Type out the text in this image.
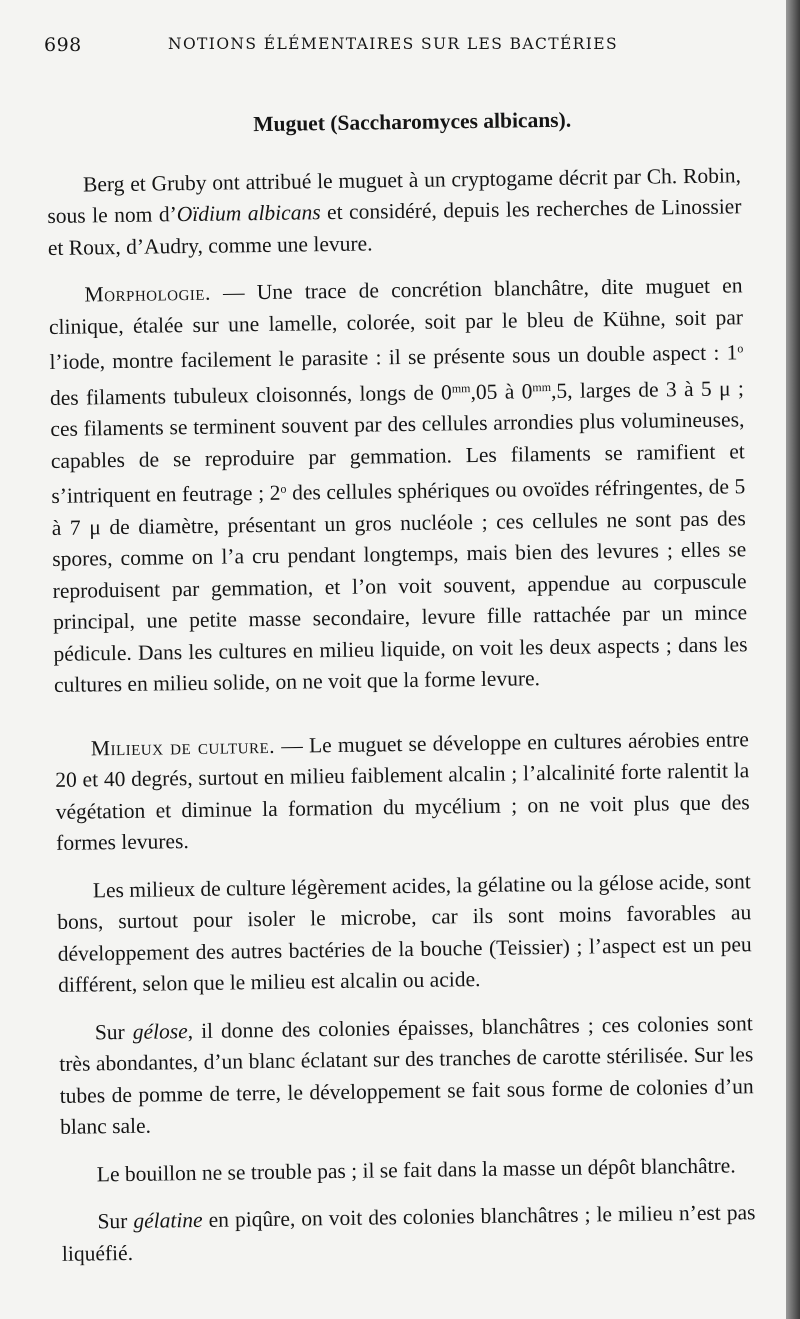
698	NOTIONS ÉLÉMENTAIRES SUR LES BACTÉRIES
Muguet (Saccharomyces albicans).

Berg et Gruby ont attribué le muguet à un cryptogame décrit par Ch. Robin, sous le nom d’Oïdium albicans et considéré, depuis les recherches de Linossier et Roux, d’Audry, comme une levure.

Morphologie. — Une trace de concrétion blanchâtre, dite muguet en clinique, étalée sur une lamelle, colorée, soit par le bleu de Kühne, soit par l’iode, montre facilement le parasite : il se présente sous un double aspect : 1$^o$ des filaments tubuleux cloisonnés, longs de $0^{mm},05$ à $0^{mm},5$, larges de 3 à 5 μ ; ces filaments se terminent souvent par des cellules arrondies plus volumineuses, capables de se reproduire par gemmation. Les filaments se ramifient et s’intriquent en feutrage ; 2$^o$ des cellules sphériques ou ovoïdes réfringentes, de 5 à 7 μ de diamètre, présentant un gros nucléole ; ces cellules ne sont pas des spores, comme on l’a cru pendant longtemps, mais bien des levures ; elles se reproduisent par gemmation, et l’on voit souvent, appendue au corpuscule principal, une petite masse secondaire, levure fille rattachée par un mince pédicule. Dans les cultures en milieu liquide, on voit les deux aspects ; dans les cultures en milieu solide, on ne voit que la forme levure.

Milieux de culture. — Le muguet se développe en cultures aérobies entre 20 et 40 degrés, surtout en milieu faiblement alcalin ; l’alcalinité forte ralentit la végétation et diminue la formation du mycélium ; on ne voit plus que des formes levures.

Les milieux de culture légèrement acides, la gélatine ou la gélose acide, sont bons, surtout pour isoler le microbe, car ils sont moins favorables au développement des autres bactéries de la bouche (Teissier) ; l’aspect est un peu différent, selon que le milieu est alcalin ou acide.

Sur gélose, il donne des colonies épaisses, blanchâtres ; ces colonies sont très abondantes, d’un blanc éclatant sur des tranches de carotte stérilisée. Sur les tubes de pomme de terre, le développement se fait sous forme de colonies d’un blanc sale.

Le bouillon ne se trouble pas ; il se fait dans la masse un dépôt blanchâtre.

Sur gélatine en piqûre, on voit des colonies blanchâtres ; le milieu n’est pas liquéfié.
